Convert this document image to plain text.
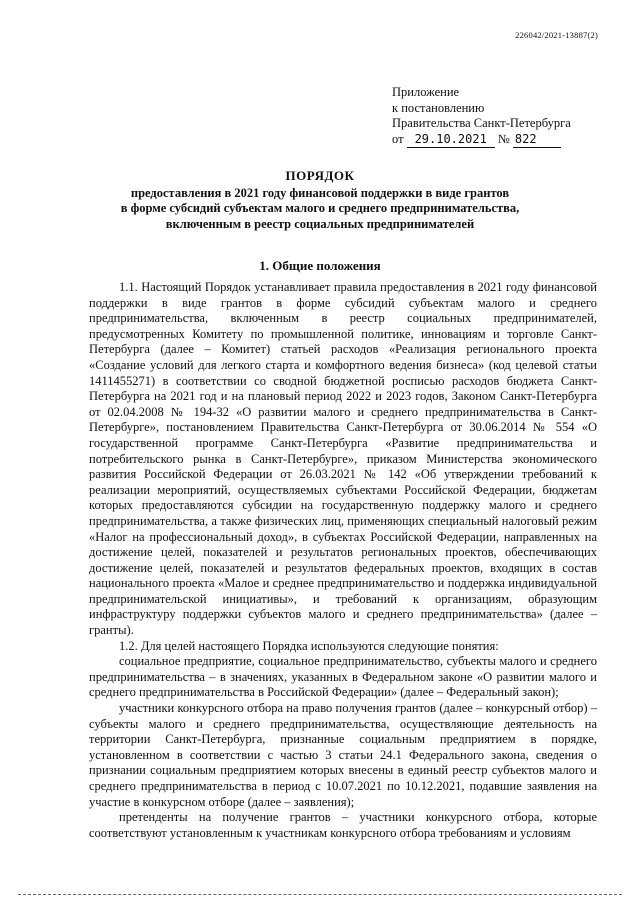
226042/2021-13887(2)
Приложение
к постановлению
Правительства Санкт-Петербурга
от 29.10.2021 № 822
ПОРЯДОК
предоставления в 2021 году финансовой поддержки в виде грантов
в форме субсидий субъектам малого и среднего предпринимательства,
включенным в реестр социальных предпринимателей
1. Общие положения

1.1. Настоящий Порядок устанавливает правила предоставления в 2021 году финансовой поддержки в виде грантов в форме субсидий субъектам малого и среднего предпринимательства, включенным в реестр социальных предпринимателей, предусмотренных Комитету по промышленной политике, инновациям и торговле Санкт-Петербурга (далее – Комитет) статьей расходов «Реализация регионального проекта «Создание условий для легкого старта и комфортного ведения бизнеса» (код целевой статьи 1411455271) в соответствии со сводной бюджетной росписью расходов бюджета Санкт-Петербурга на 2021 год и на плановый период 2022 и 2023 годов, Законом Санкт-Петербурга от 02.04.2008 № 194-32 «О развитии малого и среднего предпринимательства в Санкт-Петербурге», постановлением Правительства Санкт-Петербурга от 30.06.2014 № 554 «О государственной программе Санкт-Петербурга «Развитие предпринимательства и потребительского рынка в Санкт-Петербурге», приказом Министерства экономического развития Российской Федерации от 26.03.2021 № 142 «Об утверждении требований к реализации мероприятий, осуществляемых субъектами Российской Федерации, бюджетам которых предоставляются субсидии на государственную поддержку малого и среднего предпринимательства, а также физических лиц, применяющих специальный налоговый режим «Налог на профессиональный доход», в субъектах Российской Федерации, направленных на достижение целей, показателей и результатов региональных проектов, обеспечивающих достижение целей, показателей и результатов федеральных проектов, входящих в состав национального проекта «Малое и среднее предпринимательство и поддержка индивидуальной предпринимательской инициативы», и требований к организациям, образующим инфраструктуру поддержки субъектов малого и среднего предпринимательства» (далее – гранты).

1.2. Для целей настоящего Порядка используются следующие понятия:

социальное предприятие, социальное предпринимательство, субъекты малого и среднего предпринимательства – в значениях, указанных в Федеральном законе «О развитии малого и среднего предпринимательства в Российской Федерации» (далее – Федеральный закон);

участники конкурсного отбора на право получения грантов (далее – конкурсный отбор) – субъекты малого и среднего предпринимательства, осуществляющие деятельность на территории Санкт-Петербурга, признанные социальным предприятием в порядке, установленном в соответствии с частью 3 статьи 24.1 Федерального закона, сведения о признании социальным предприятием которых внесены в единый реестр субъектов малого и среднего предпринимательства в период с 10.07.2021 по 10.12.2021, подавшие заявления на участие в конкурсном отборе (далее – заявления);

претенденты на получение грантов – участники конкурсного отбора, которые соответствуют установленным к участникам конкурсного отбора требованиям и условиям
